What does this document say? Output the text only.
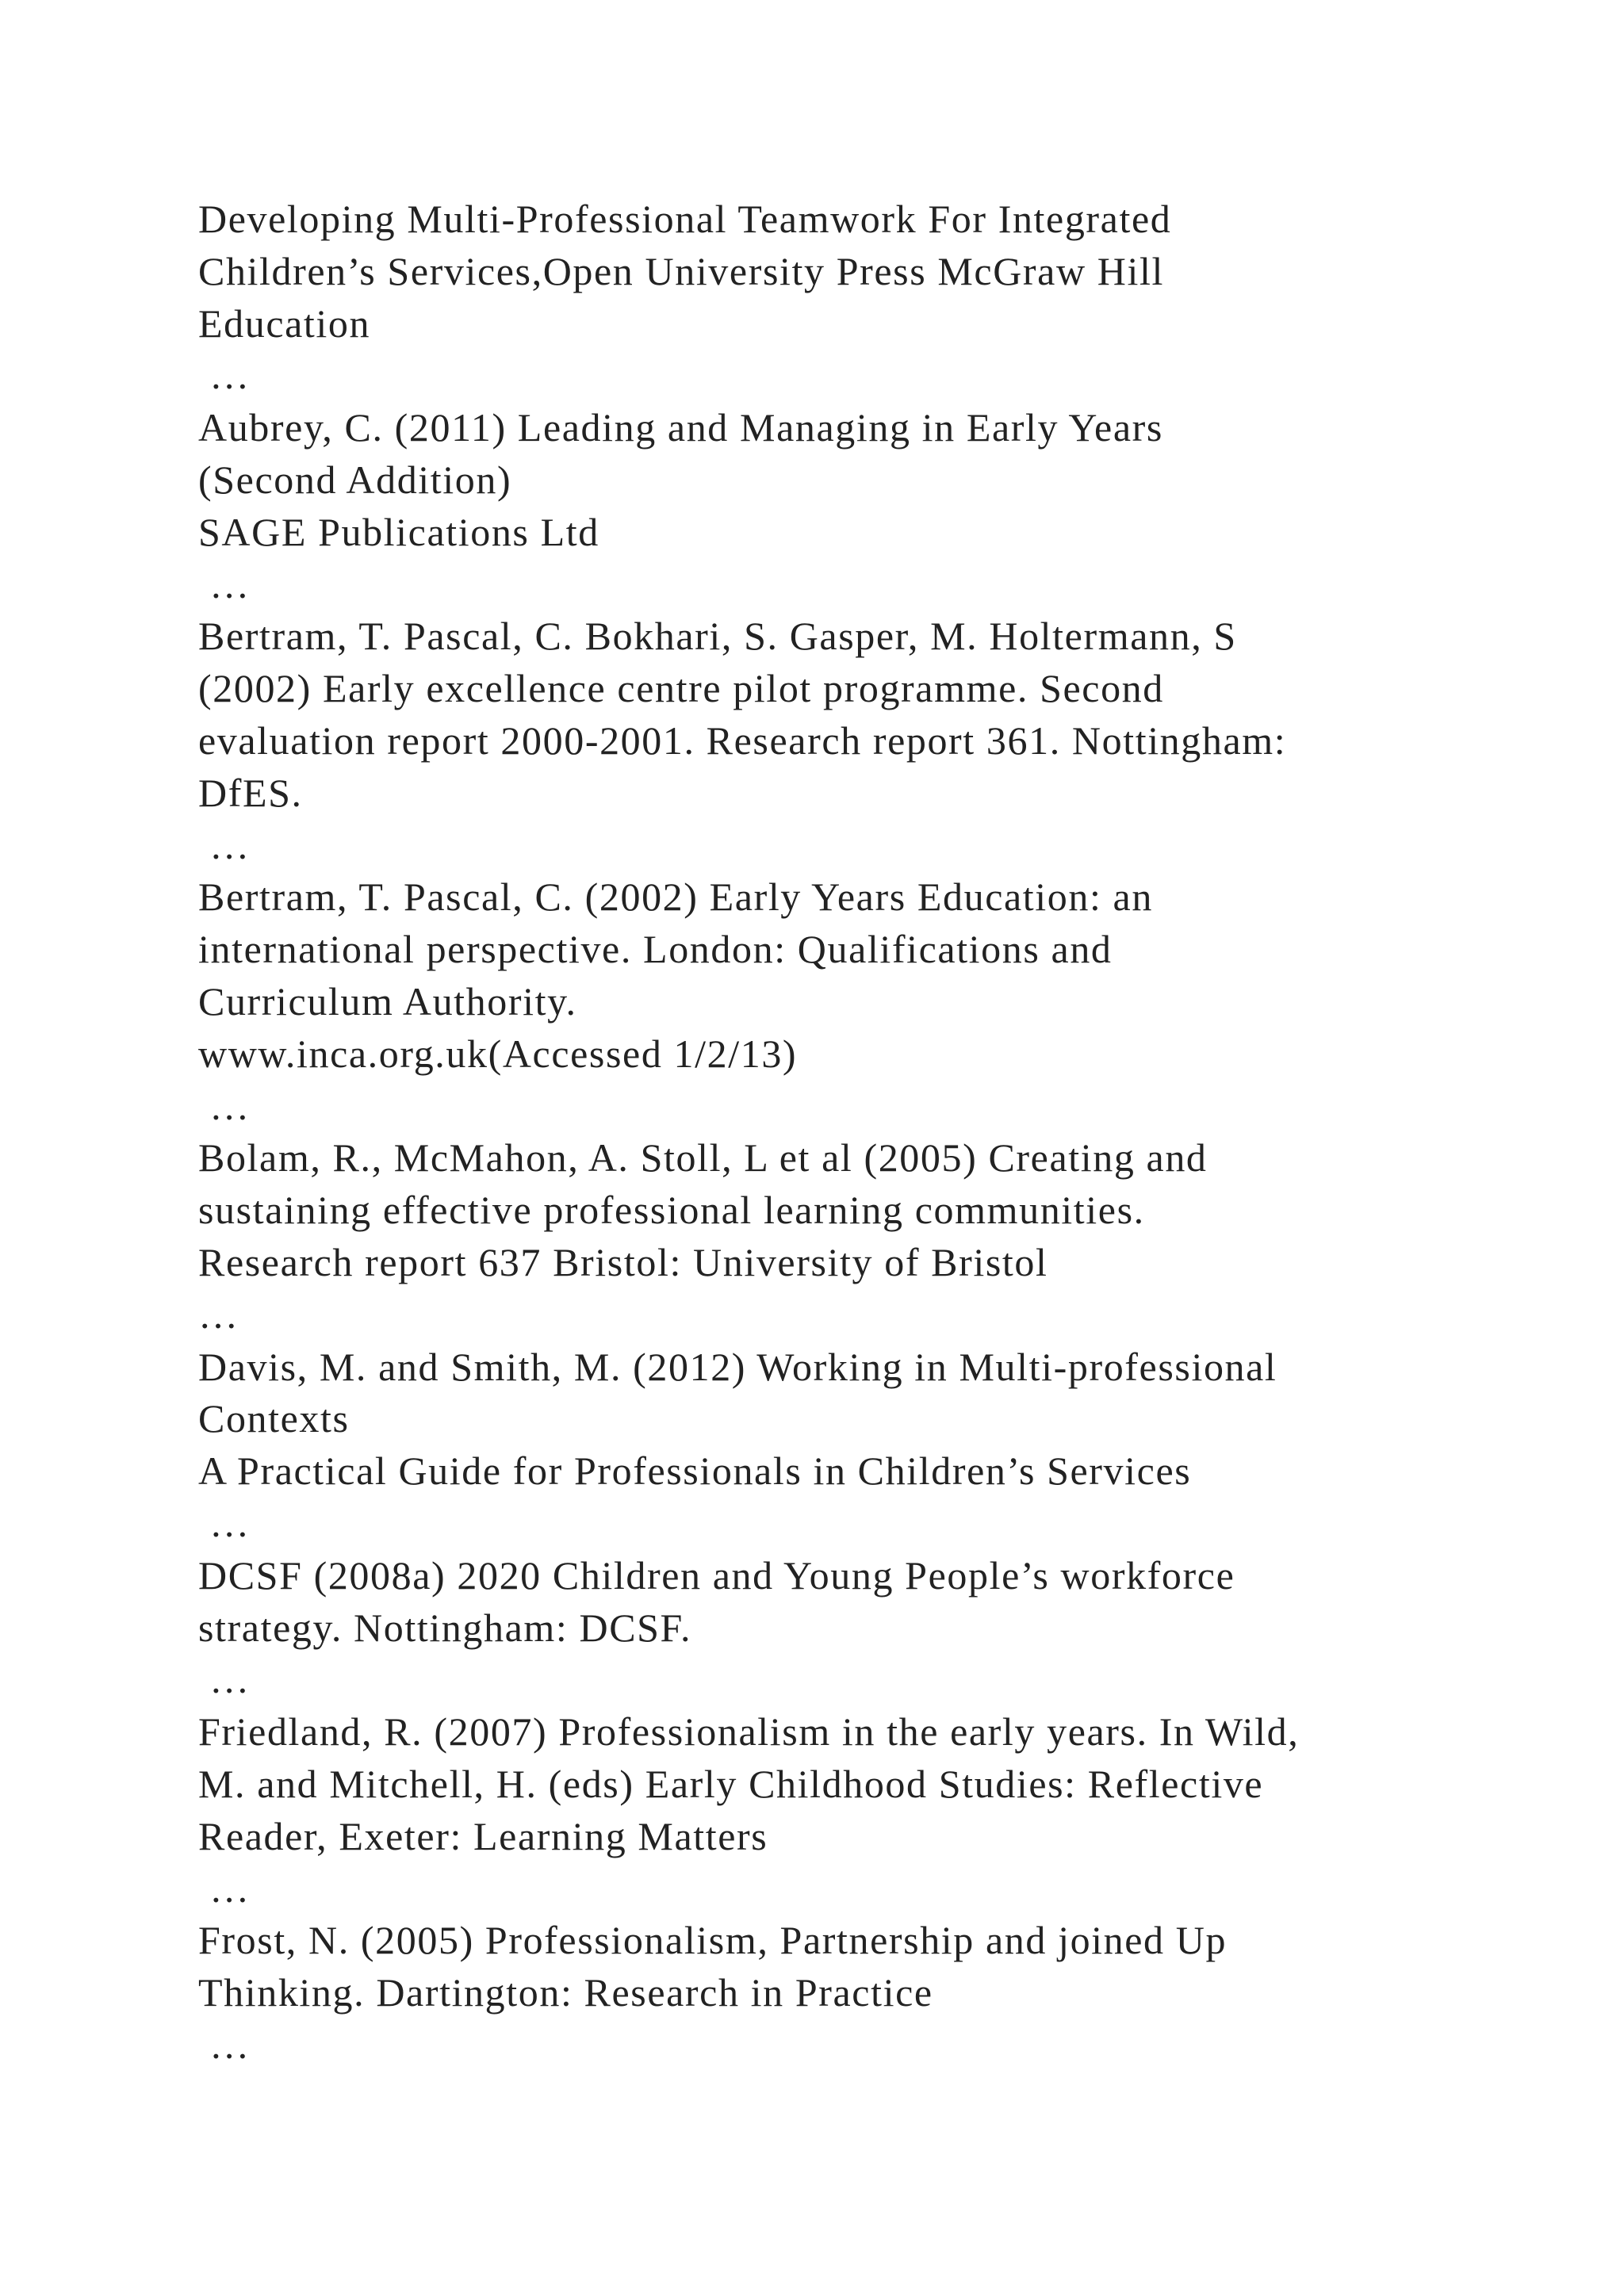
Developing Multi-Professional Teamwork For Integrated
Children’s Services,Open University Press McGraw Hill
Education
…
Aubrey, C. (2011) Leading and Managing in Early Years
(Second Addition)
SAGE Publications Ltd
…
Bertram, T. Pascal, C. Bokhari, S. Gasper, M. Holtermann, S
(2002) Early excellence centre pilot programme. Second
evaluation report 2000-2001. Research report 361. Nottingham:
DfES.
…
Bertram, T. Pascal, C. (2002) Early Years Education: an
international perspective. London: Qualifications and
Curriculum Authority.
www.inca.org.uk(Accessed 1/2/13)
…
Bolam, R., McMahon, A. Stoll, L et al (2005) Creating and
sustaining effective professional learning communities.
Research report 637 Bristol: University of Bristol
…
Davis, M. and Smith, M. (2012) Working in Multi-professional
Contexts
A Practical Guide for Professionals in Children’s Services
…
DCSF (2008a) 2020 Children and Young People’s workforce
strategy. Nottingham: DCSF.
…
Friedland, R. (2007) Professionalism in the early years. In Wild,
M. and Mitchell, H. (eds) Early Childhood Studies: Reflective
Reader, Exeter: Learning Matters
…
Frost, N. (2005) Professionalism, Partnership and joined Up
Thinking. Dartington: Research in Practice
…
